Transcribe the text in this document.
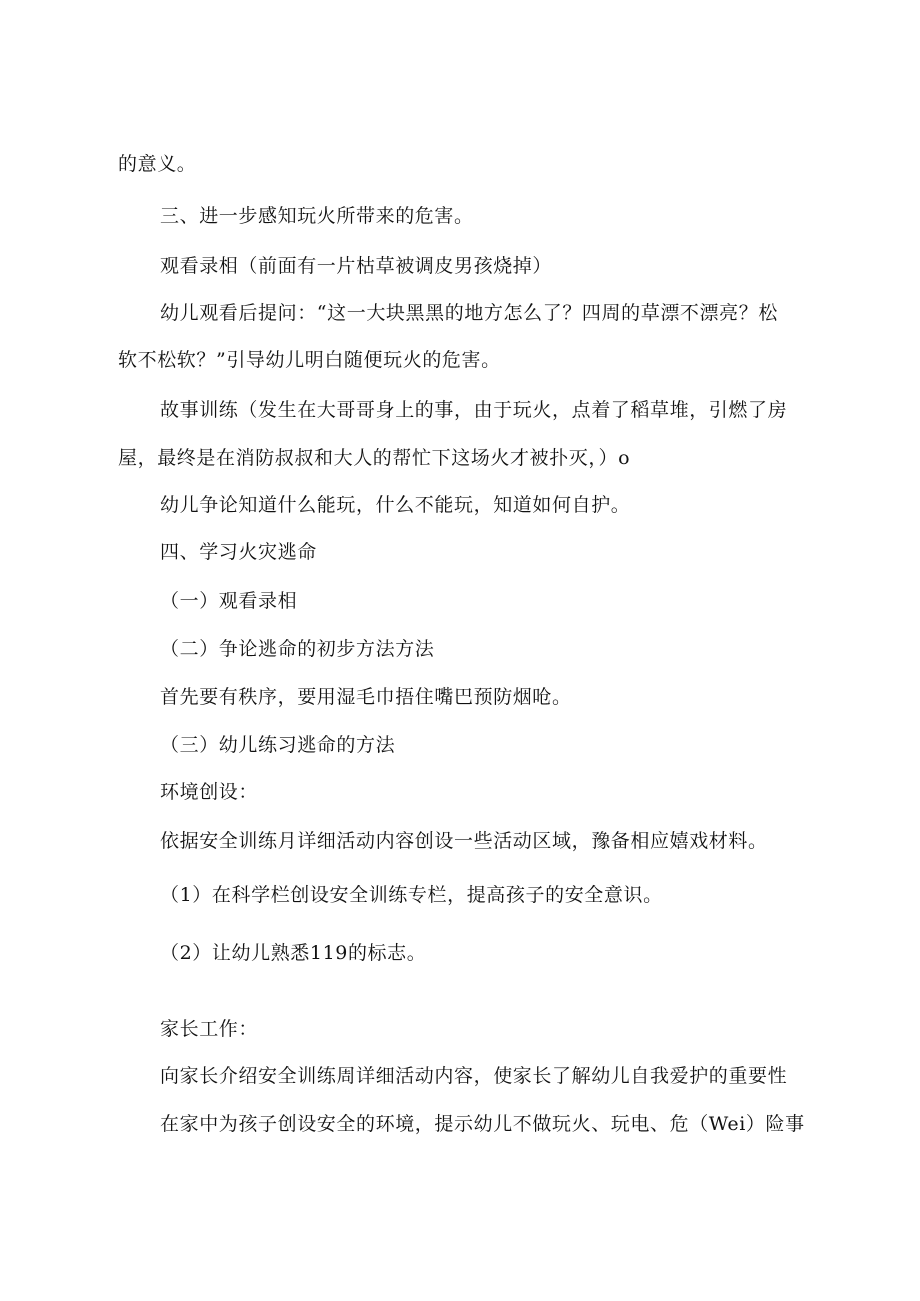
的意义。
三、进一步感知玩火所带来的危害。
观看录相（前面有一片枯草被调皮男孩烧掉）
幼儿观看后提问：“这一大块黑黑的地方怎么了？四周的草漂不漂亮？松
软不松软？”引导幼儿明白随便玩火的危害。
故事训练（发生在大哥哥身上的事，由于玩火，点着了稻草堆，引燃了房
屋，最终是在消防叔叔和大人的帮忙下这场火才被扑灭，）o
幼儿争论知道什么能玩，什么不能玩，知道如何自护。
四、学习火灾逃命
（一）观看录相
（二）争论逃命的初步方法方法
首先要有秩序，要用湿毛巾捂住嘴巴预防烟呛。
（三）幼儿练习逃命的方法
环境创设：
依据安全训练月详细活动内容创设一些活动区域，豫备相应嬉戏材料。
（1）在科学栏创设安全训练专栏，提高孩子的安全意识。
（2）让幼儿熟悉119的标志。
家长工作：
向家长介绍安全训练周详细活动内容，使家长了解幼儿自我爱护的重要性
在家中为孩子创设安全的环境，提示幼儿不做玩火、玩电、危（Wei）险事
